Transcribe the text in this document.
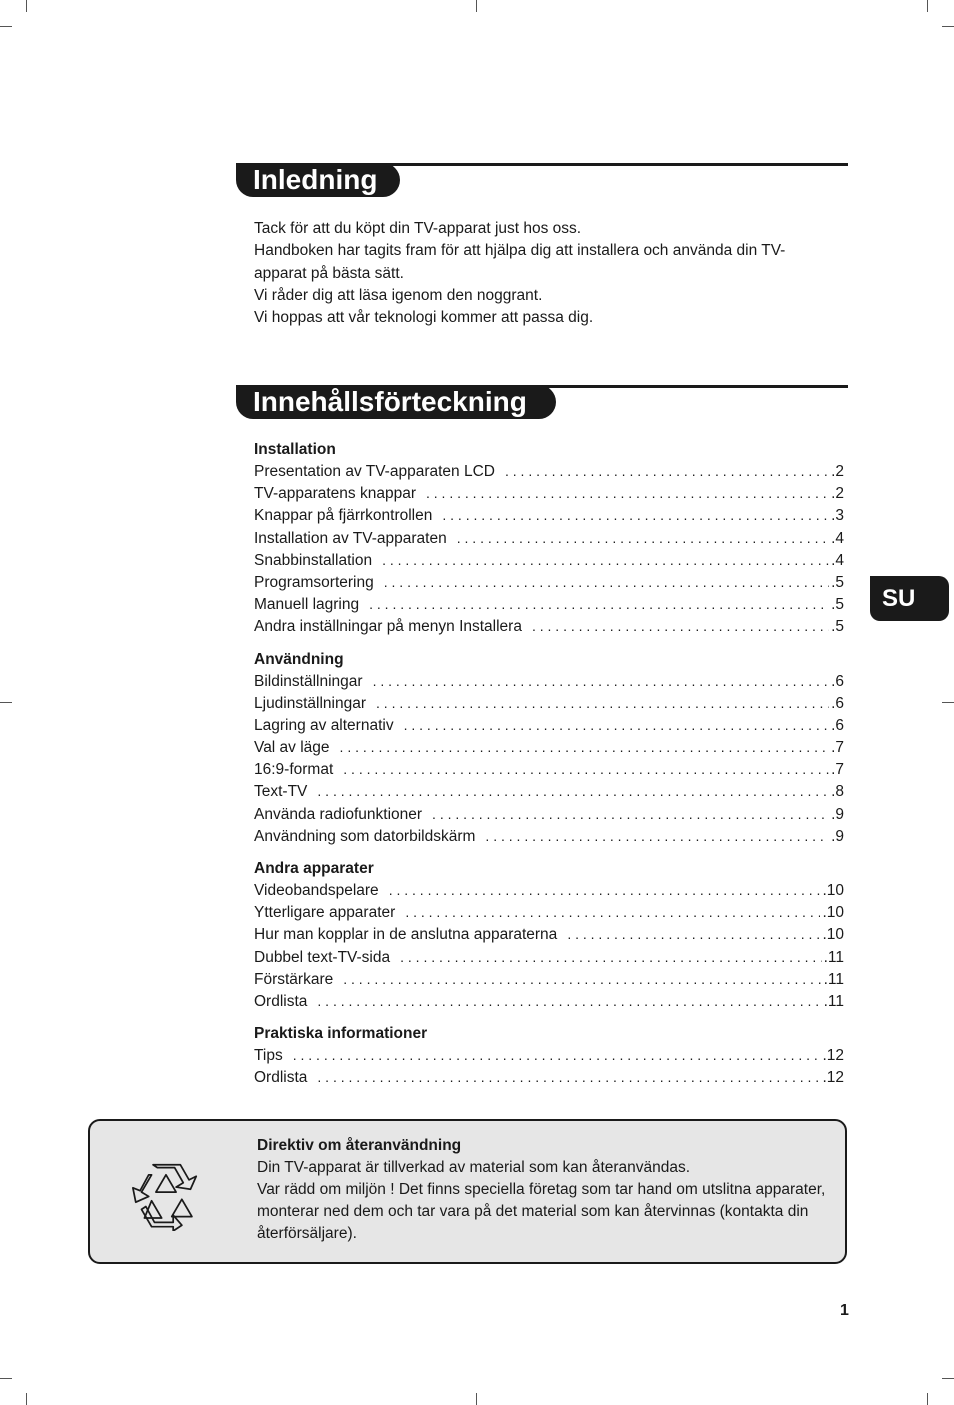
Inledning

Tack för att du köpt din TV-apparat just hos oss.

Handboken har tagits fram för att hjälpa dig att installera och använda din TV-apparat på bästa sätt.

Vi råder dig att läsa igenom den noggrant.

Vi hoppas att vår teknologi kommer att passa dig.

Innehållsförteckning
Installation
Presentation av TV-apparaten LCD . . .	.2
TV-apparatens knappar . . .	.2
Knappar på fjärrkontrollen . . .	.3
Installation av TV-apparaten . . .	.4
Snabbinstallation . . .	.4
Programsortering . . .	.5
Manuell lagring . . .	.5
Andra inställningar på menyn Installera . . .	.5
Användning
Bildinställningar . . .	.6
Ljudinställningar . . .	.6
Lagring av alternativ . . .	.6
Val av läge . . .	.7
16:9-format . . .	.7
Text-TV . . .	.8
Använda radiofunktioner . . .	.9
Användning som datorbildskärm . . .	.9
Andra apparater
Videobandspelare . . .	.10
Ytterligare apparater . . .	.10
Hur man kopplar in de anslutna apparaterna . . .	.10
Dubbel text-TV-sida . . .	.11
Förstärkare . . .	.11
Ordlista . . .	.11
Praktiska informationer
Tips . . .	.12
Ordlista . . .	.12
SU
Direktiv om återanvändning

Din TV-apparat är tillverkad av material som kan återanvändas.

Var rädd om miljön ! Det finns speciella företag som tar hand om utslitna apparater, monterar ned dem och tar vara på det material som kan återvinnas (kontakta din återförsäljare).

1
